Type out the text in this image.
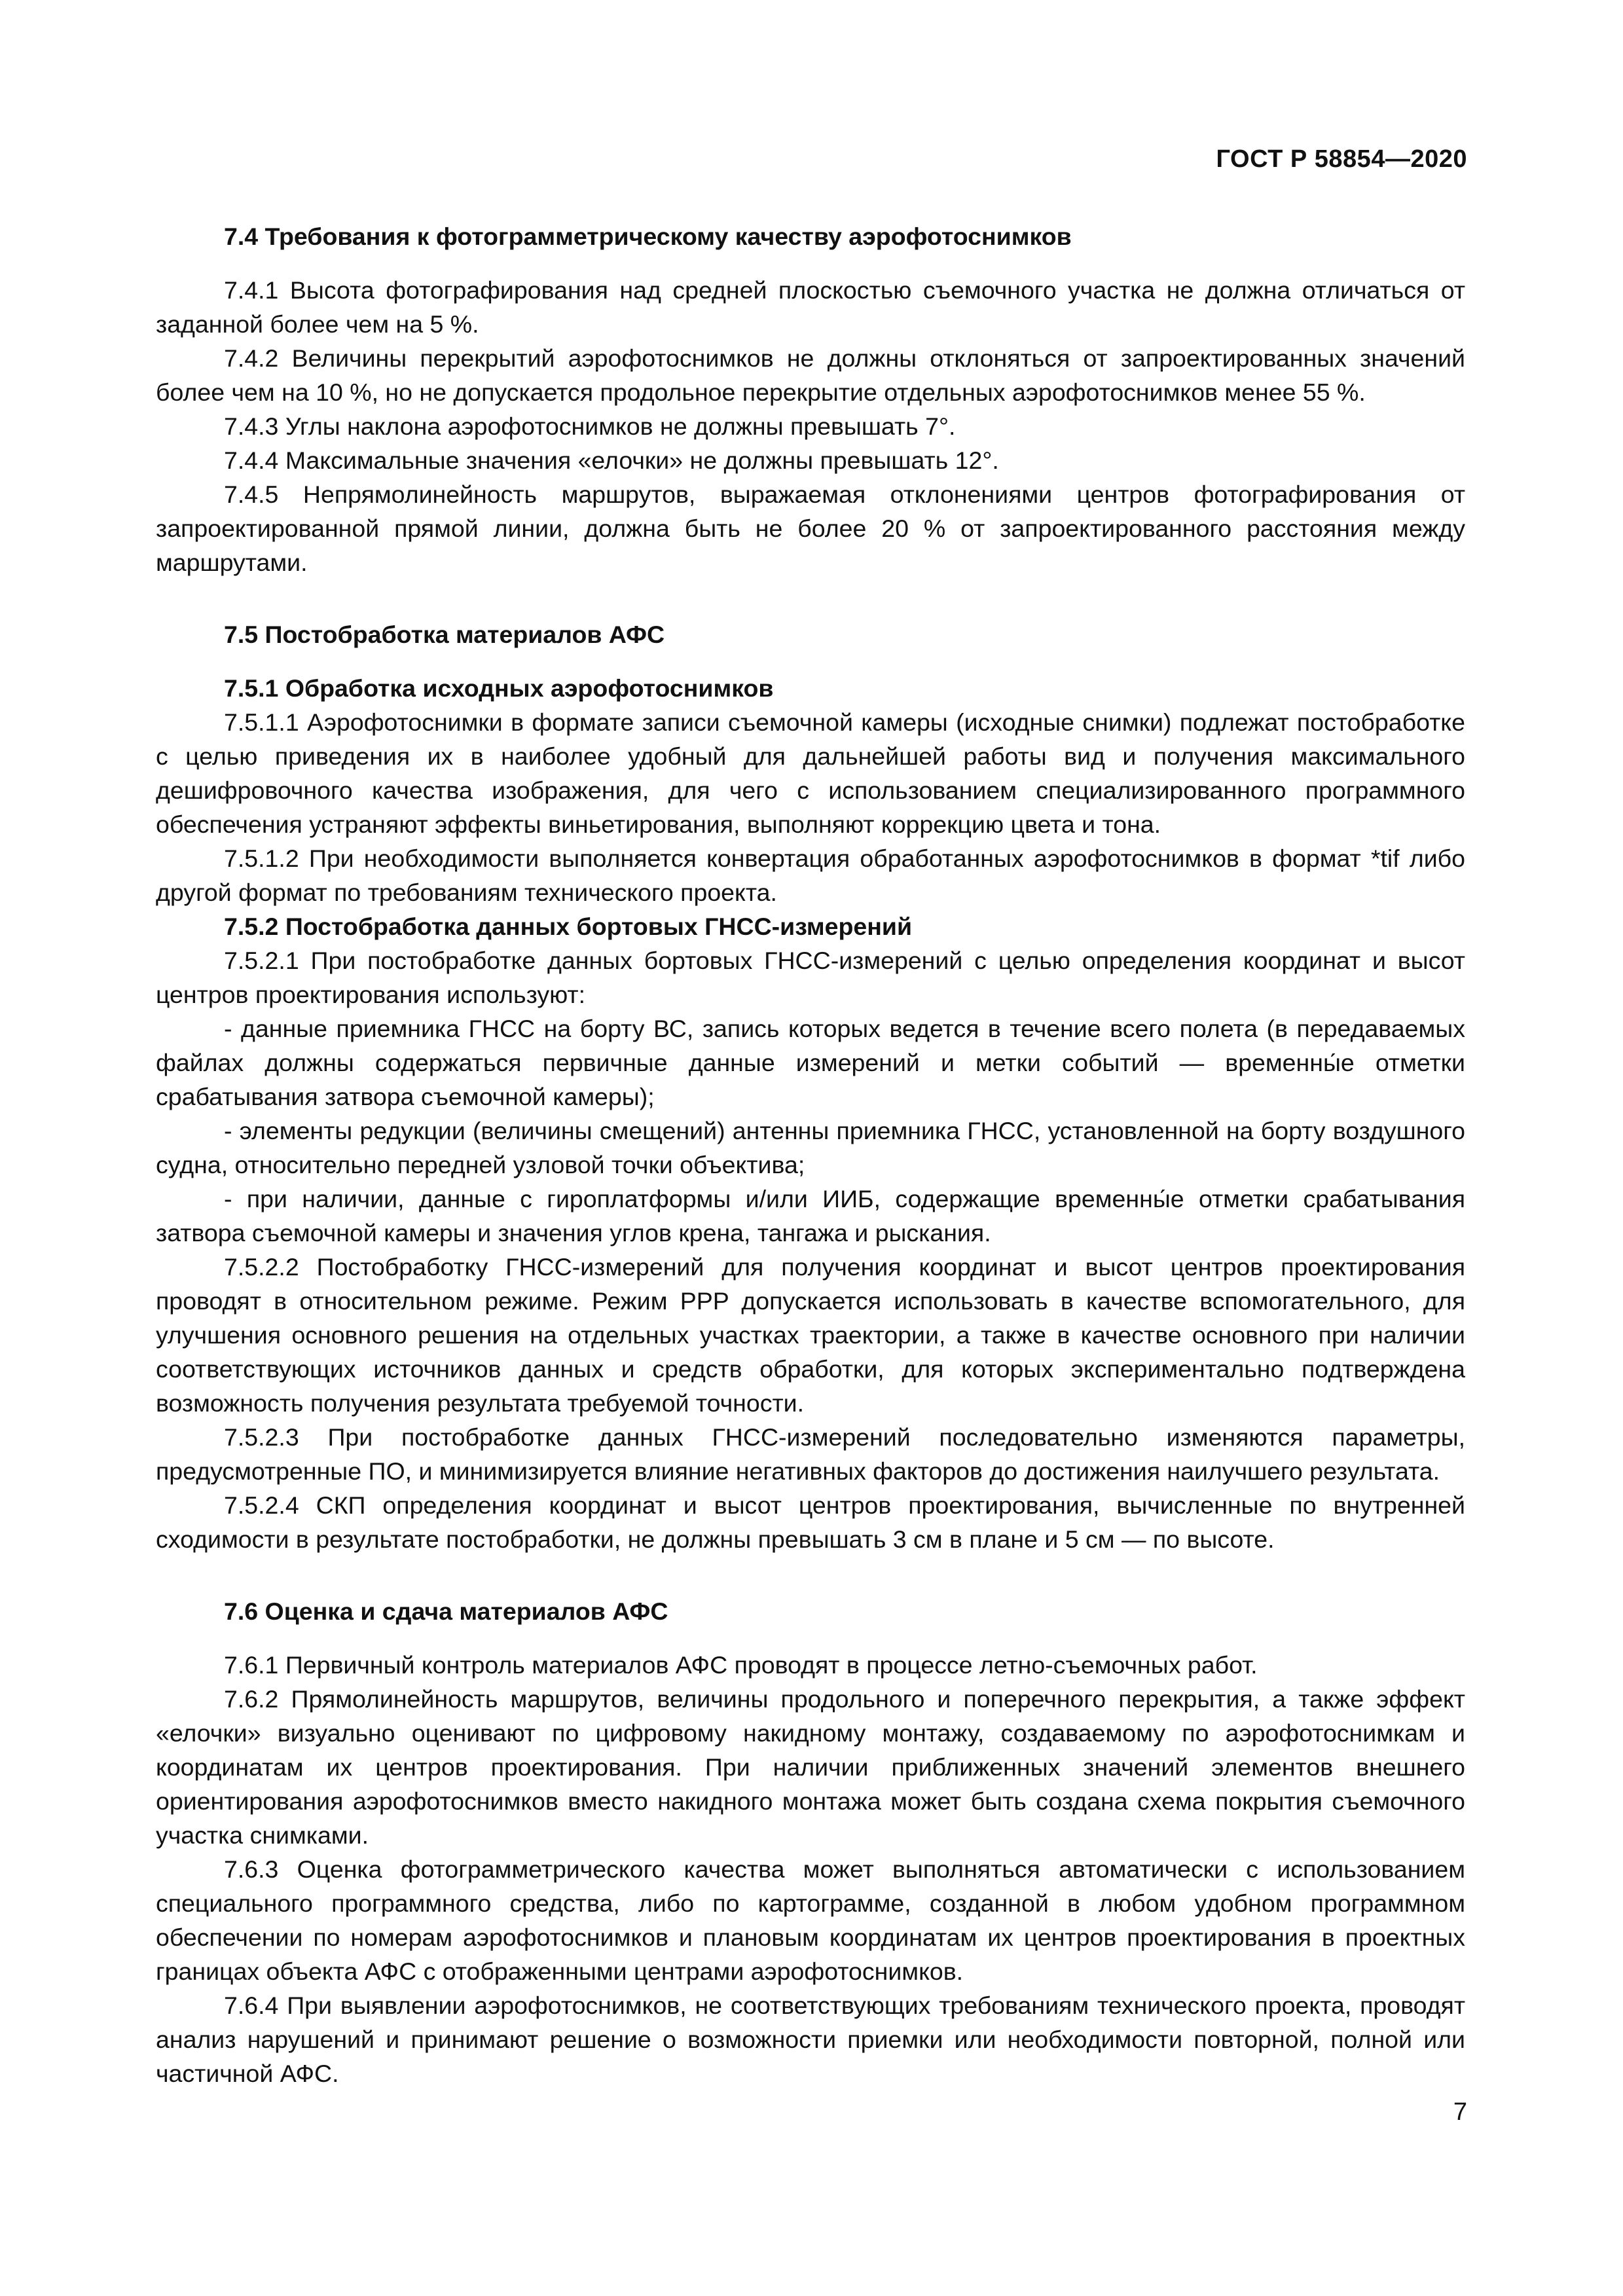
ГОСТ Р 58854—2020

7.4 Требования к фотограмметрическому качеству аэрофотоснимков

7.4.1 Высота фотографирования над средней плоскостью съемочного участка не должна отличаться от заданной более чем на 5 %.

7.4.2 Величины перекрытий аэрофотоснимков не должны отклоняться от запроектированных значений более чем на 10 %, но не допускается продольное перекрытие отдельных аэрофотоснимков менее 55 %.

7.4.3 Углы наклона аэрофотоснимков не должны превышать 7°.

7.4.4 Максимальные значения «елочки» не должны превышать 12°.

7.4.5 Непрямолинейность маршрутов, выражаемая отклонениями центров фотографирования от запроектированной прямой линии, должна быть не более 20 % от запроектированного расстояния между маршрутами.

7.5 Постобработка материалов АФС

7.5.1 Обработка исходных аэрофотоснимков

7.5.1.1 Аэрофотоснимки в формате записи съемочной камеры (исходные снимки) подлежат постобработке с целью приведения их в наиболее удобный для дальнейшей работы вид и получения максимального дешифровочного качества изображения, для чего с использованием специализированного программного обеспечения устраняют эффекты виньетирования, выполняют коррекцию цвета и тона.

7.5.1.2 При необходимости выполняется конвертация обработанных аэрофотоснимков в формат *tif либо другой формат по требованиям технического проекта.

7.5.2 Постобработка данных бортовых ГНСС-измерений

7.5.2.1 При постобработке данных бортовых ГНСС-измерений с целью определения координат и высот центров проектирования используют:

- данные приемника ГНСС на борту ВС, запись которых ведется в течение всего полета (в передаваемых файлах должны содержаться первичные данные измерений и метки событий — временны́е отметки срабатывания затвора съемочной камеры);

- элементы редукции (величины смещений) антенны приемника ГНСС, установленной на борту воздушного судна, относительно передней узловой точки объектива;

- при наличии, данные с гироплатформы и/или ИИБ, содержащие временны́е отметки срабатывания затвора съемочной камеры и значения углов крена, тангажа и рыскания.

7.5.2.2 Постобработку ГНСС-измерений для получения координат и высот центров проектирования проводят в относительном режиме. Режим PPP допускается использовать в качестве вспомогательного, для улучшения основного решения на отдельных участках траектории, а также в качестве основного при наличии соответствующих источников данных и средств обработки, для которых экспериментально подтверждена возможность получения результата требуемой точности.

7.5.2.3 При постобработке данных ГНСС-измерений последовательно изменяются параметры, предусмотренные ПО, и минимизируется влияние негативных факторов до достижения наилучшего результата.

7.5.2.4 СКП определения координат и высот центров проектирования, вычисленные по внутренней сходимости в результате постобработки, не должны превышать 3 см в плане и 5 см — по высоте.

7.6 Оценка и сдача материалов АФС

7.6.1 Первичный контроль материалов АФС проводят в процессе летно-съемочных работ.

7.6.2 Прямолинейность маршрутов, величины продольного и поперечного перекрытия, а также эффект «елочки» визуально оценивают по цифровому накидному монтажу, создаваемому по аэрофотоснимкам и координатам их центров проектирования. При наличии приближенных значений элементов внешнего ориентирования аэрофотоснимков вместо накидного монтажа может быть создана схема покрытия съемочного участка снимками.

7.6.3 Оценка фотограмметрического качества может выполняться автоматически с использованием специального программного средства, либо по картограмме, созданной в любом удобном программном обеспечении по номерам аэрофотоснимков и плановым координатам их центров проектирования в проектных границах объекта АФС с отображенными центрами аэрофотоснимков.

7.6.4 При выявлении аэрофотоснимков, не соответствующих требованиям технического проекта, проводят анализ нарушений и принимают решение о возможности приемки или необходимости повторной, полной или частичной АФС.

7
